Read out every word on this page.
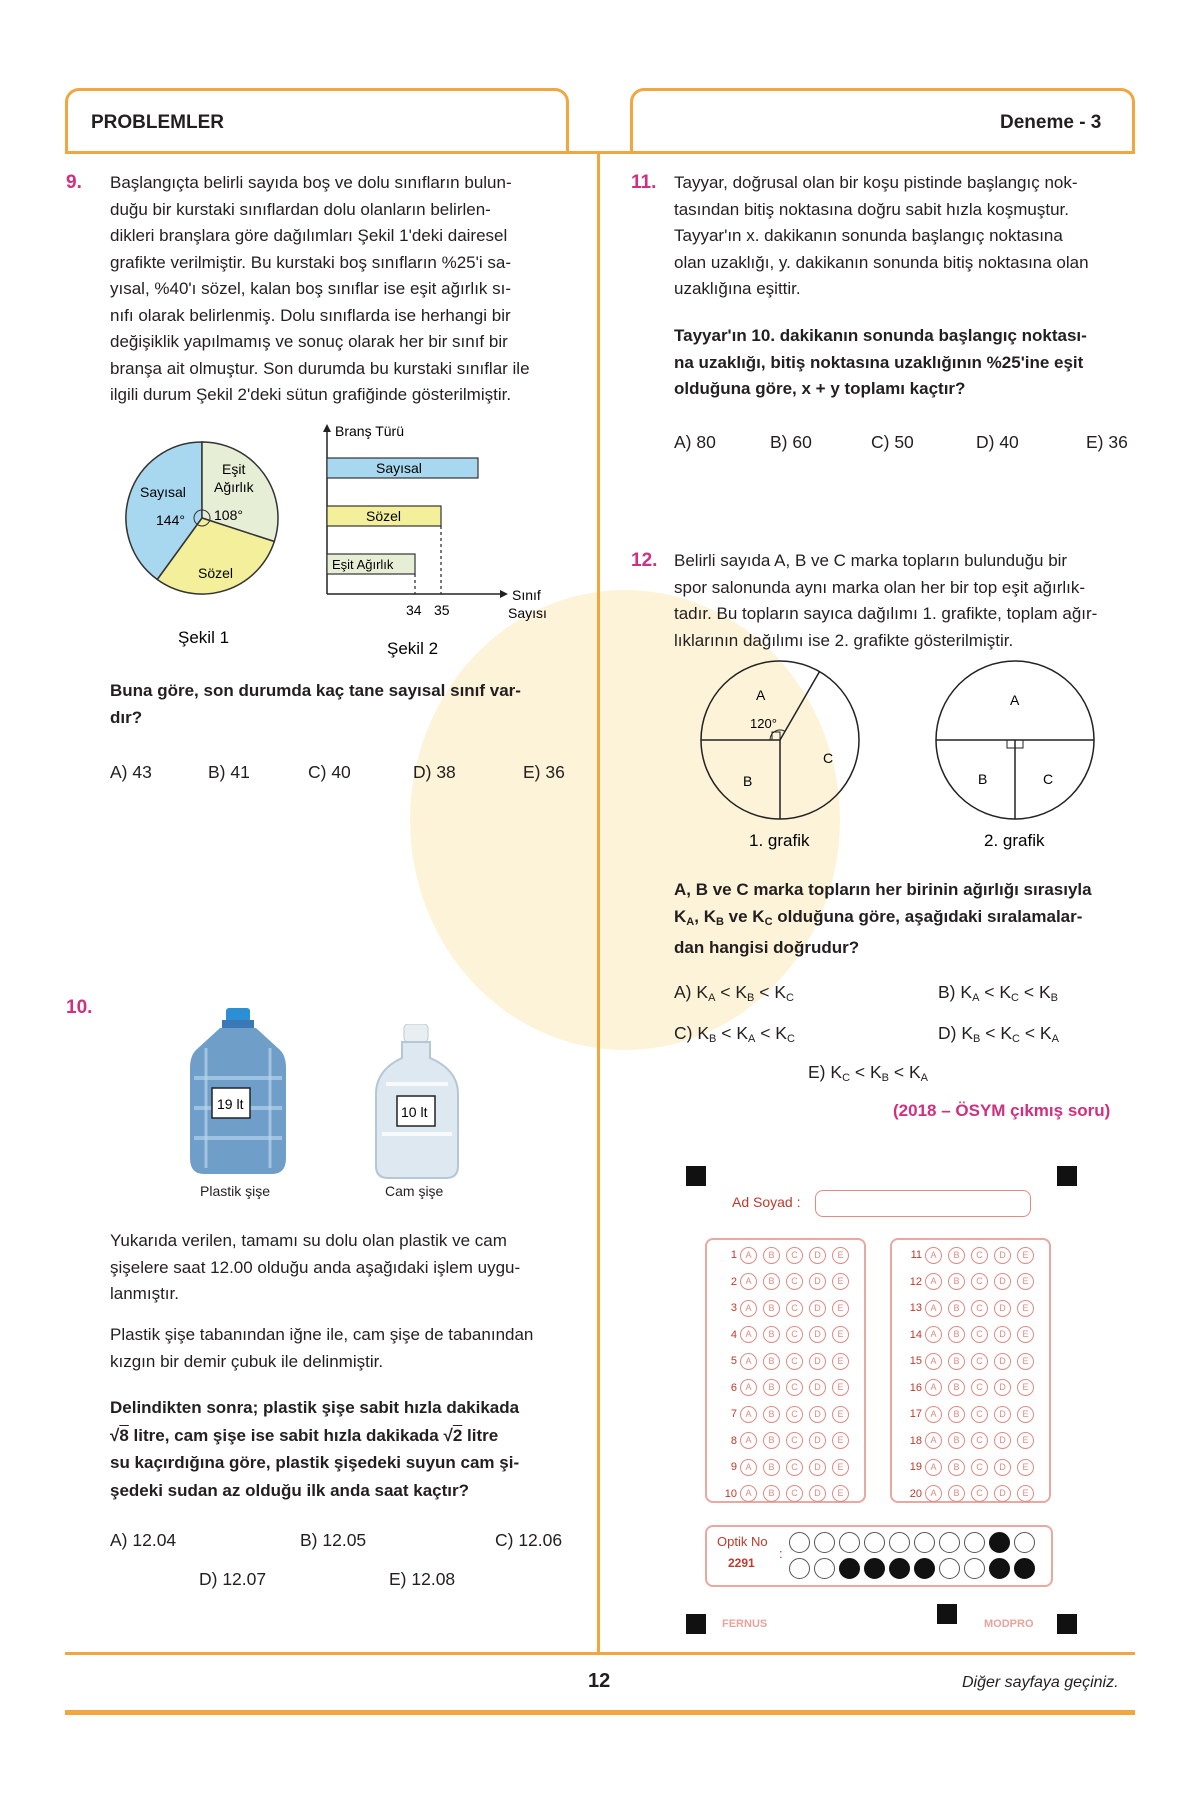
PROBLEMLER	Deneme - 3
9. Başlangıçta belirli sayıda boş ve dolu sınıfların bulun-
duğu bir kurstaki sınıflardan dolu olanların belirlen-
dikleri branşlara göre dağılımları Şekil 1'deki dairesel
grafikte verilmiştir. Bu kurstaki boş sınıfların %25'i sa-
yısal, %40'ı sözel, kalan boş sınıflar ise eşit ağırlık sı-
nıfı olarak belirlenmiş. Dolu sınıflarda ise herhangi bir
değişiklik yapılmamış ve sonuç olarak her bir sınıf bir
branşa ait olmuştur. Son durumda bu kurstaki sınıflar ile
ilgili durum Şekil 2'deki sütun grafiğinde gösterilmiştir.
Sayısal
144°
Eşit
Ağırlık
108°
Sözel
Şekil 1
Branş Türü
Sayısal
Sözel
Eşit Ağırlık
34 35
Sınıf
Sayısı
Şekil 2
Buna göre, son durumda kaç tane sayısal sınıf var-
dır?
A) 43	B) 41	C) 40	D) 38	E) 36
10.
19 lt
Plastik şişe
10 lt
Cam şişe
Yukarıda verilen, tamamı su dolu olan plastik ve cam
şişelere saat 12.00 olduğu anda aşağıdaki işlem uygu-
lanmıştır.
Plastik şişe tabanından iğne ile, cam şişe de tabanından
kızgın bir demir çubuk ile delinmiştir.
Delindikten sonra; plastik şişe sabit hızla dakikada
√8 litre, cam şişe ise sabit hızla dakikada √2 litre
su kaçırdığına göre, plastik şişedeki suyun cam şi-
şedeki sudan az olduğu ilk anda saat kaçtır?
A) 12.04	B) 12.05	C) 12.06
D) 12.07	E) 12.08
11. Tayyar, doğrusal olan bir koşu pistinde başlangıç nok-
tasından bitiş noktasına doğru sabit hızla koşmuştur.
Tayyar'ın x. dakikanın sonunda başlangıç noktasına
olan uzaklığı, y. dakikanın sonunda bitiş noktasına olan
uzaklığına eşittir.
Tayyar'ın 10. dakikanın sonunda başlangıç noktası-
na uzaklığı, bitiş noktasına uzaklığının %25'ine eşit
olduğuna göre, x + y toplamı kaçtır?
A) 80	B) 60	C) 50	D) 40	E) 36
12. Belirli sayıda A, B ve C marka topların bulunduğu bir
spor salonunda aynı marka olan her bir top eşit ağırlık-
tadır. Bu topların sayıca dağılımı 1. grafikte, toplam ağır-
lıklarının dağılımı ise 2. grafikte gösterilmiştir.
A
120°
B
C
1. grafik
A
B	C
2. grafik
A, B ve C marka topların her birinin ağırlığı sırasıyla
$K_A$, $K_B$ ve $K_C$ olduğuna göre, aşağıdaki sıralamalar-
dan hangisi doğrudur?
A) $K_A < K_B < K_C$	B) $K_A < K_C < K_B$
C) $K_B < K_A < K_C$	D) $K_B < K_C < K_A$
E) $K_C < K_B < K_A$
(2018 – ÖSYM çıkmış soru)
Ad Soyad :
1 A	B	C	D	E
2 A	B	C	D	E
3 A	B	C	D	E
4 A	B	C	D	E
5 A	B	C	D	E
6 A	B	C	D	E
7 A	B	C	D	E
8 A	B	C	D	E
9 A	B	C	D	E
10 A	B	C	D	E
11 A	B	C	D	E
12 A	B	C	D	E
13 A	B	C	D	E
14 A	B	C	D	E
15 A	B	C	D	E
16 A	B	C	D	E
17 A	B	C	D	E
18 A	B	C	D	E
19 A	B	C	D	E
20 A	B	C	D	E
Optik No
2291
:
FERNUS	MODPRO
12	Diğer sayfaya geçiniz.
